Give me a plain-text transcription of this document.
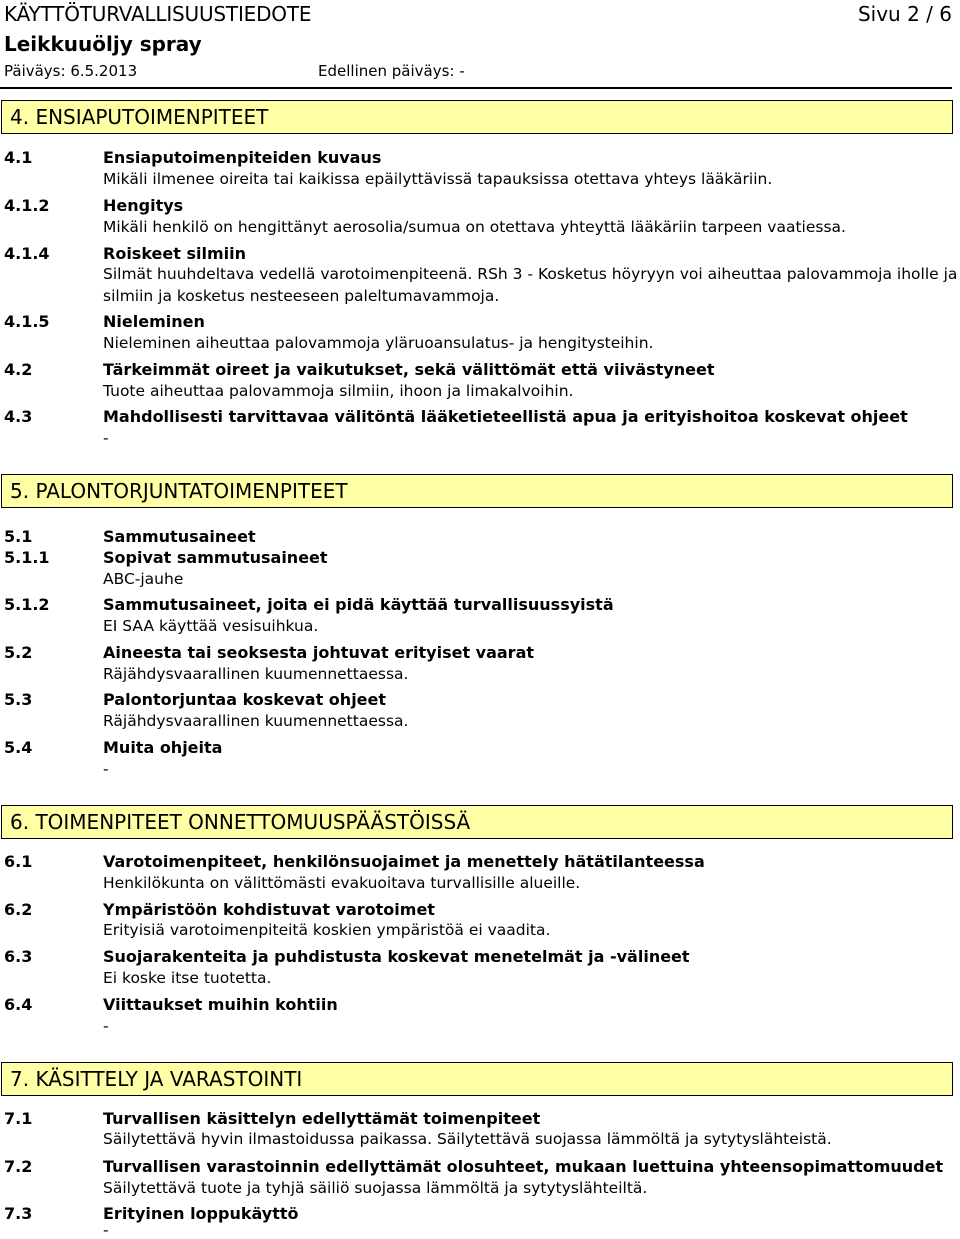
KÄYTTÖTURVALLISUUSTIEDOTE	Sivu 2 / 6
Leikkuuöljy spray
Päiväys: 6.5.2013	Edellinen päiväys: -
4. ENSIAPUTOIMENPITEET
4.1	Ensiaputoimenpiteiden kuvaus
Mikäli ilmenee oireita tai kaikissa epäilyttävissä tapauksissa otettava yhteys lääkäriin.
4.1.2	Hengitys
Mikäli henkilö on hengittänyt aerosolia/sumua on otettava yhteyttä lääkäriin tarpeen vaatiessa.
4.1.4	Roiskeet silmiin
Silmät huuhdeltava vedellä varotoimenpiteenä. RSh 3 - Kosketus höyryyn voi aiheuttaa palovammoja iholle ja
silmiin ja kosketus nesteeseen paleltumavammoja.
4.1.5	Nieleminen
Nieleminen aiheuttaa palovammoja yläruoansulatus- ja hengitysteihin.
4.2	Tärkeimmät oireet ja vaikutukset, sekä välittömät että viivästyneet
Tuote aiheuttaa palovammoja silmiin, ihoon ja limakalvoihin.
4.3	Mahdollisesti tarvittavaa välitöntä lääketieteellistä apua ja erityishoitoa koskevat ohjeet
-
5. PALONTORJUNTATOIMENPITEET
5.1	Sammutusaineet
5.1.1	Sopivat sammutusaineet
ABC-jauhe
5.1.2	Sammutusaineet, joita ei pidä käyttää turvallisuussyistä
EI SAA käyttää vesisuihkua.
5.2	Aineesta tai seoksesta johtuvat erityiset vaarat
Räjähdysvaarallinen kuumennettaessa.
5.3	Palontorjuntaa koskevat ohjeet
Räjähdysvaarallinen kuumennettaessa.
5.4	Muita ohjeita
-
6. TOIMENPITEET ONNETTOMUUSPÄÄSTÖISSÄ
6.1	Varotoimenpiteet, henkilönsuojaimet ja menettely hätätilanteessa
Henkilökunta on välittömästi evakuoitava turvallisille alueille.
6.2	Ympäristöön kohdistuvat varotoimet
Erityisiä varotoimenpiteitä koskien ympäristöä ei vaadita.
6.3	Suojarakenteita ja puhdistusta koskevat menetelmät ja -välineet
Ei koske itse tuotetta.
6.4	Viittaukset muihin kohtiin
-
7. KÄSITTELY JA VARASTOINTI
7.1	Turvallisen käsittelyn edellyttämät toimenpiteet
Säilytettävä hyvin ilmastoidussa paikassa. Säilytettävä suojassa lämmöltä ja sytytyslähteistä.
7.2	Turvallisen varastoinnin edellyttämät olosuhteet, mukaan luettuina yhteensopimattomuudet
Säilytettävä tuote ja tyhjä säiliö suojassa lämmöltä ja sytytyslähteiltä.
7.3	Erityinen loppukäyttö
-
